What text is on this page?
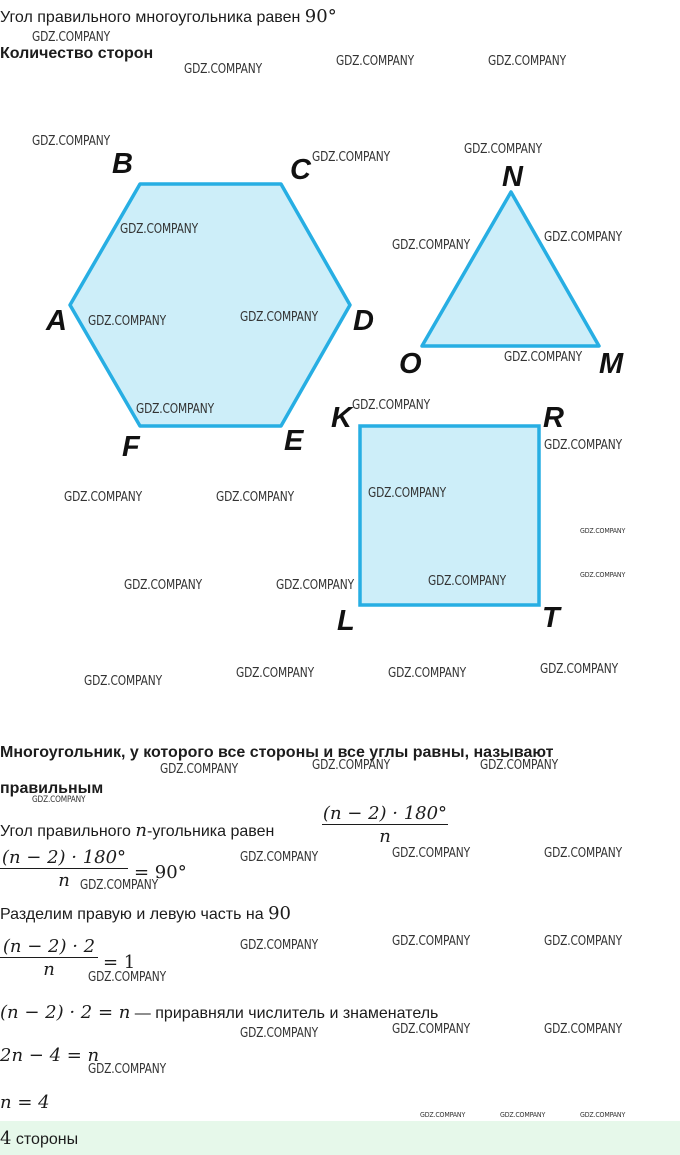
Угол правильного многоугольника равен 90°
Количество сторон
A
B	C
D
E
F
N
M
O
K	R
T
L
Многоугольник, у которого все стороны и все углы равны, называют
правильным
Угол правильного n-угольника равен
(n − 2) · 180°
n
(n − 2) · 180°
n	= 90°
Разделим правую и левую часть на 90
(n − 2) · 2
n	= 1
(n − 2) · 2 = n — приравняли числитель и знаменатель
2n − 4 = n
n = 4
4 стороны
GDZ.COMPANY
GDZ.COMPANY
GDZ.COMPANY	GDZ.COMPANY
GDZ.COMPANY
GDZ.COMPANY
GDZ.COMPANY
GDZ.COMPANY
GDZ.COMPANY
GDZ.COMPANY
GDZ.COMPANY	GDZ.COMPANY
GDZ.COMPANY
GDZ.COMPANY	GDZ.COMPANY
GDZ.COMPANY
GDZ.COMPANY	GDZ.COMPANY	GDZ.COMPANY
GDZ.COMPANY
GDZ.COMPANY
GDZ.COMPANY	GDZ.COMPANY	GDZ.COMPANY
GDZ.COMPANY
GDZ.COMPANY	GDZ.COMPANY	GDZ.COMPANY
GDZ.COMPANY	GDZ.COMPANY	GDZ.COMPANY
GDZ.COMPANY
GDZ.COMPANY	GDZ.COMPANY	GDZ.COMPANY
GDZ.COMPANY
GDZ.COMPANY	GDZ.COMPANY	GDZ.COMPANY
GDZ.COMPANY
GDZ.COMPANY	GDZ.COMPANY	GDZ.COMPANY
GDZ.COMPANY
GDZ.COMPANY	GDZ.COMPANY	GDZ.COMPANY
